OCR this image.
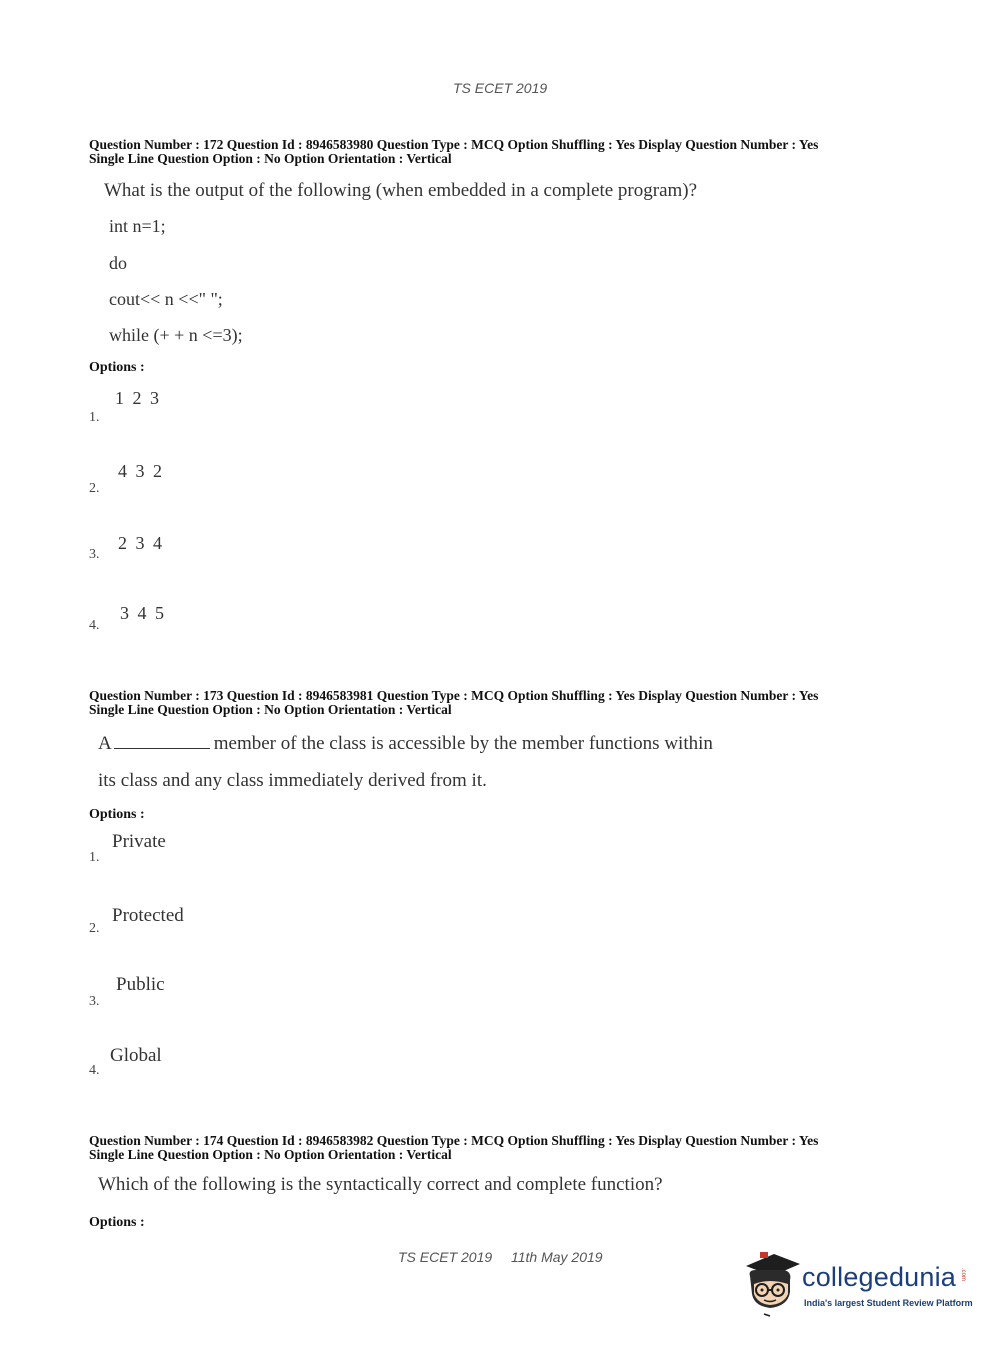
TS ECET 2019
Question Number : 172 Question Id : 8946583980 Question Type : MCQ Option Shuffling : Yes Display Question Number : Yes
Single Line Question Option : No Option Orientation : Vertical
What is the output of the following (when embedded in a complete program)?
int n=1;
do
cout<< n <<" ";
while (+ + n <=3);
Options :
1 2 3
1.
4 3 2
2.
2 3 4
3.
3 4 5
4.
Question Number : 173 Question Id : 8946583981 Question Type : MCQ Option Shuffling : Yes Display Question Number : Yes
Single Line Question Option : No Option Orientation : Vertical
A	member of the class is accessible by the member functions within
its class and any class immediately derived from it.
Options :
Private
1.
Protected
2.
Public
3.
Global
4.
Question Number : 174 Question Id : 8946583982 Question Type : MCQ Option Shuffling : Yes Display Question Number : Yes
Single Line Question Option : No Option Orientation : Vertical
Which of the following is the syntactically correct and complete function?
Options :
TS ECET 2019 11th May 2019
collegedunia .com
India's largest Student Review Platform
